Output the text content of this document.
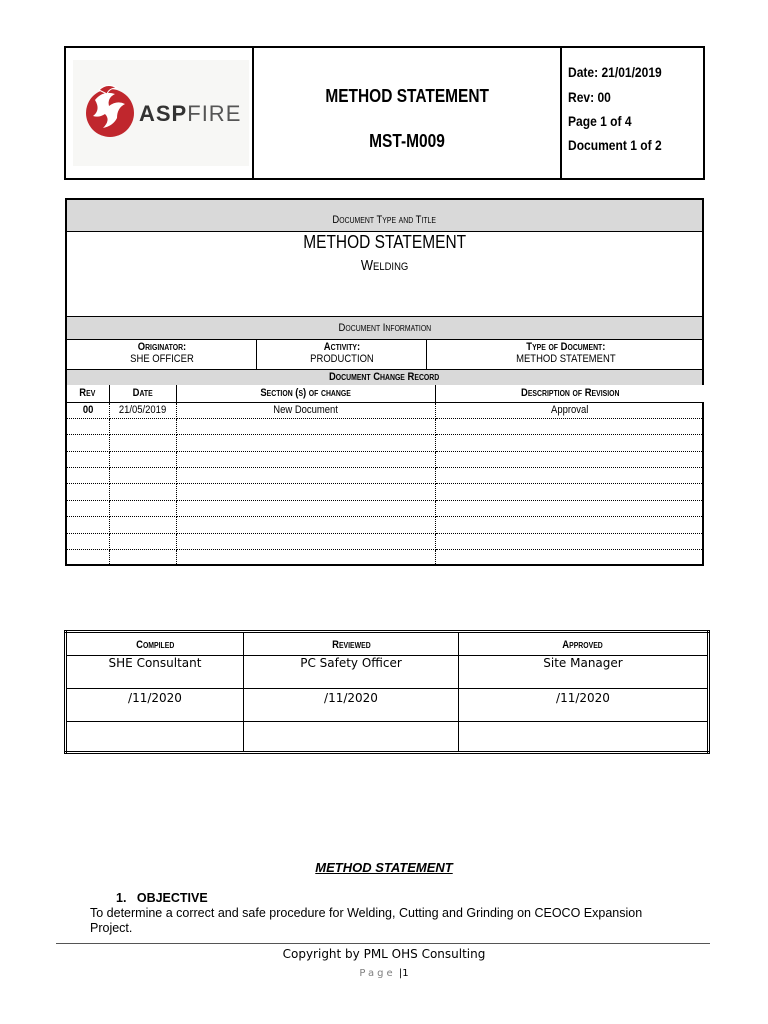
ASPFIRE
METHOD STATEMENT
MST-M009
Date: 21/01/2019
Rev: 00
Page 1 of 4
Document 1 of 2
Document Type and Title
METHOD STATEMENT
Welding
Document Information
Originator:
SHE OFFICER
Activity:
PRODUCTION
Type of Document:
METHOD STATEMENT
Document Change Record
Rev	Date	Section (s) of change	Description of Revision
00	21/05/2019	New Document	Approval

Compiled	Reviewed	Approved
SHE Consultant	PC Safety Officer	Site Manager
/11/2020	/11/2020	/11/2020

METHOD STATEMENT
1. OBJECTIVE
To determine a correct and safe procedure for Welding, Cutting and Grinding on CEOCO Expansion Project.
Copyright by PML OHS Consulting
Page |1
